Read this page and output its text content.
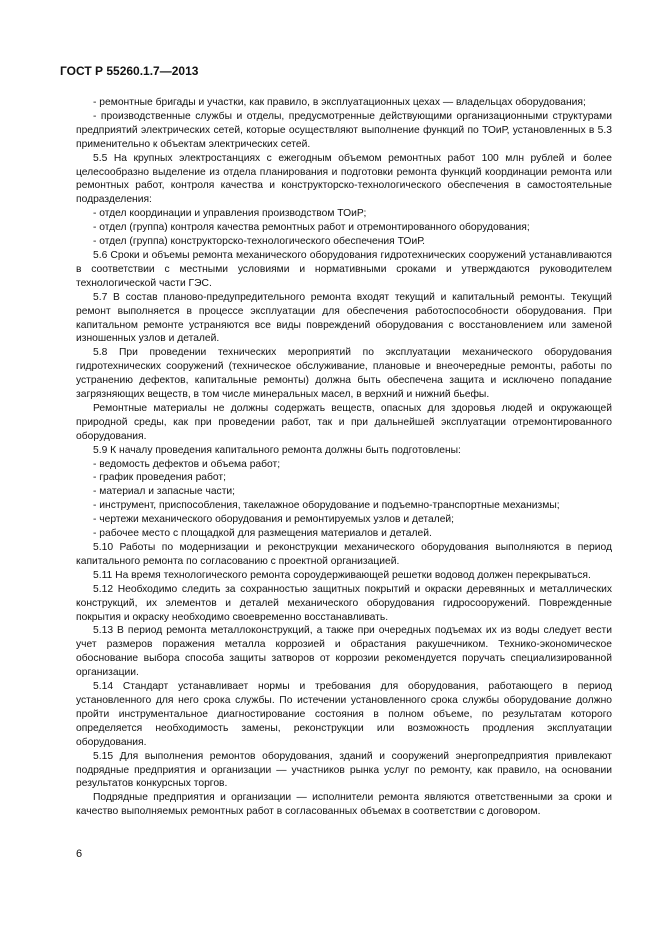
ГОСТ Р 55260.1.7—2013

- ремонтные бригады и участки, как правило, в эксплуатационных цехах — владельцах оборудования;

- производственные службы и отделы, предусмотренные действующими организационными структурами предприятий электрических сетей, которые осуществляют выполнение функций по ТОиР, установленных в 5.3 применительно к объектам электрических сетей.

5.5 На крупных электростанциях с ежегодным объемом ремонтных работ 100 млн рублей и более целесообразно выделение из отдела планирования и подготовки ремонта функций координации ремонта или ремонтных работ, контроля качества и конструкторско-технологического обеспечения в самостоятельные подразделения:

- отдел координации и управления производством ТОиР;

- отдел (группа) контроля качества ремонтных работ и отремонтированного оборудования;

- отдел (группа) конструкторско-технологического обеспечения ТОиР.

5.6 Сроки и объемы ремонта механического оборудования гидротехнических сооружений устанавливаются в соответствии с местными условиями и нормативными сроками и утверждаются руководителем технологической части ГЭС.

5.7 В состав планово-предупредительного ремонта входят текущий и капитальный ремонты. Текущий ремонт выполняется в процессе эксплуатации для обеспечения работоспособности оборудования. При капитальном ремонте устраняются все виды повреждений оборудования с восстановлением или заменой изношенных узлов и деталей.

5.8 При проведении технических мероприятий по эксплуатации механического оборудования гидротехнических сооружений (техническое обслуживание, плановые и внеочередные ремонты, работы по устранению дефектов, капитальные ремонты) должна быть обеспечена защита и исключено попадание загрязняющих веществ, в том числе минеральных масел, в верхний и нижний бьефы.

Ремонтные материалы не должны содержать веществ, опасных для здоровья людей и окружающей природной среды, как при проведении работ, так и при дальнейшей эксплуатации отремонтированного оборудования.

5.9 К началу проведения капитального ремонта должны быть подготовлены:

- ведомость дефектов и объема работ;

- график проведения работ;

- материал и запасные части;

- инструмент, приспособления, такелажное оборудование и подъемно-транспортные механизмы;

- чертежи механического оборудования и ремонтируемых узлов и деталей;

- рабочее место с площадкой для размещения материалов и деталей.

5.10 Работы по модернизации и реконструкции механического оборудования выполняются в период капитального ремонта по согласованию с проектной организацией.

5.11 На время технологического ремонта сороудерживающей решетки водовод должен перекрываться.

5.12 Необходимо следить за сохранностью защитных покрытий и окраски деревянных и металлических конструкций, их элементов и деталей механического оборудования гидросооружений. Поврежденные покрытия и окраску необходимо своевременно восстанавливать.

5.13 В период ремонта металлоконструкций, а также при очередных подъемах их из воды следует вести учет размеров поражения металла коррозией и обрастания ракушечником. Технико-экономическое обоснование выбора способа защиты затворов от коррозии рекомендуется поручать специализированной организации.

5.14 Стандарт устанавливает нормы и требования для оборудования, работающего в период установленного для него срока службы. По истечении установленного срока службы оборудование должно пройти инструментальное диагностирование состояния в полном объеме, по результатам которого определяется необходимость замены, реконструкции или возможность продления эксплуатации оборудования.

5.15 Для выполнения ремонтов оборудования, зданий и сооружений энергопредприятия привлекают подрядные предприятия и организации — участников рынка услуг по ремонту, как правило, на основании результатов конкурсных торгов.

Подрядные предприятия и организации — исполнители ремонта являются ответственными за сроки и качество выполняемых ремонтных работ в согласованных объемах в соответствии с договором.

6
